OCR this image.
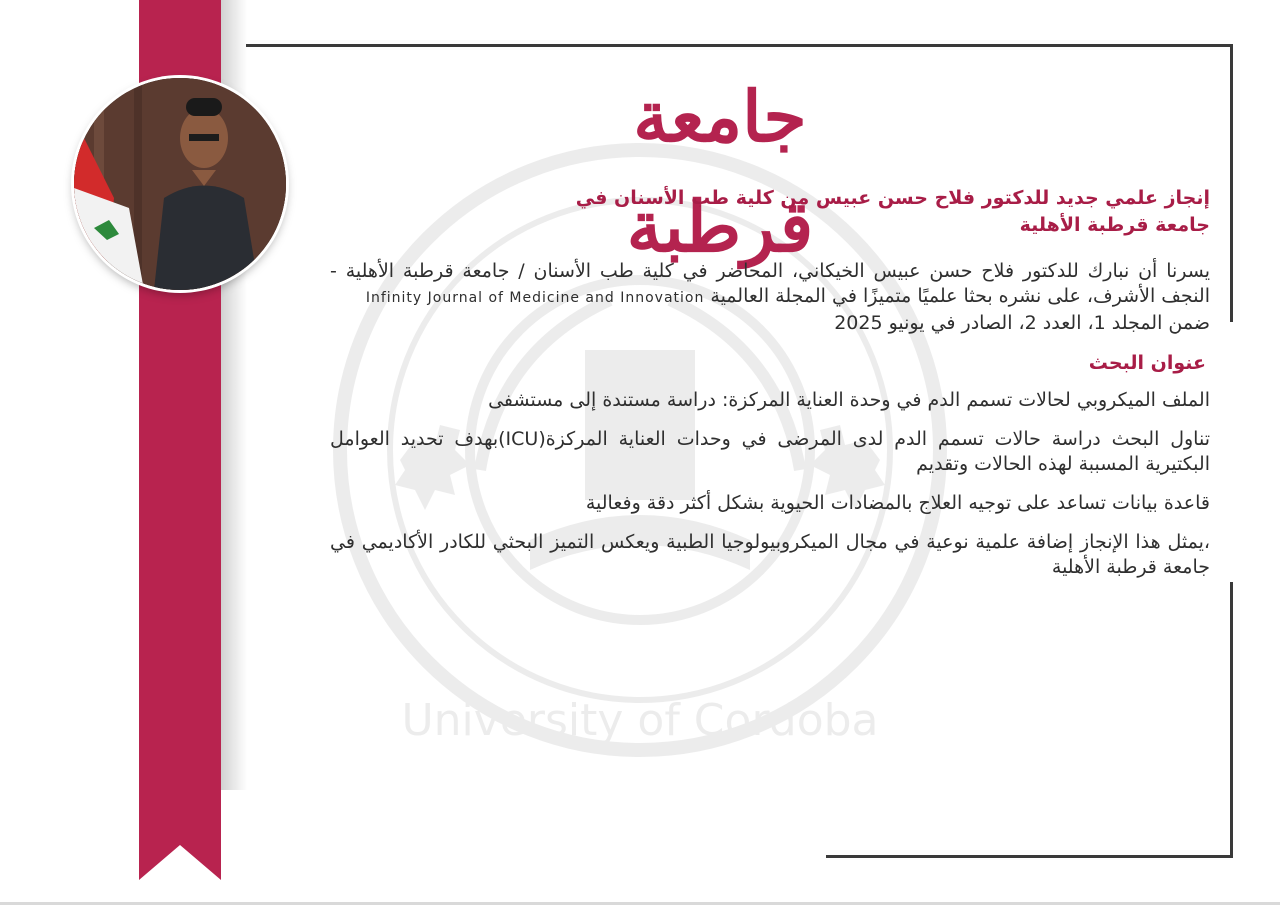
University of Cordoba
جامعة قرطبة
إنجاز علمي جديد للدكتور فلاح حسن عبيس من كلية طب الأسنان في
جامعة قرطبة الأهلية

يسرنا أن نبارك للدكتور فلاح حسن عبيس الخيكاني، المحاضر في كلية طب الأسنان / جامعة قرطبة الأهلية - النجف الأشرف، على نشره بحثا علميًا متميزًا في المجلة العالمية Infinity Journal of Medicine and Innovation
ضمن المجلد 1، العدد 2، الصادر في يونيو 2025

عنوان البحث

الملف الميكروبي لحالات تسمم الدم في وحدة العناية المركزة: دراسة مستندة إلى مستشفى

تناول البحث دراسة حالات تسمم الدم لدى المرضى في وحدات العناية المركزة(ICU)بهدف تحديد العوامل البكتيرية المسببة لهذه الحالات وتقديم

قاعدة بيانات تساعد على توجيه العلاج بالمضادات الحيوية بشكل أكثر دقة وفعالية

،يمثل هذا الإنجاز إضافة علمية نوعية في مجال الميكروبيولوجيا الطبية ويعكس التميز البحثي للكادر الأكاديمي في جامعة قرطبة الأهلية
